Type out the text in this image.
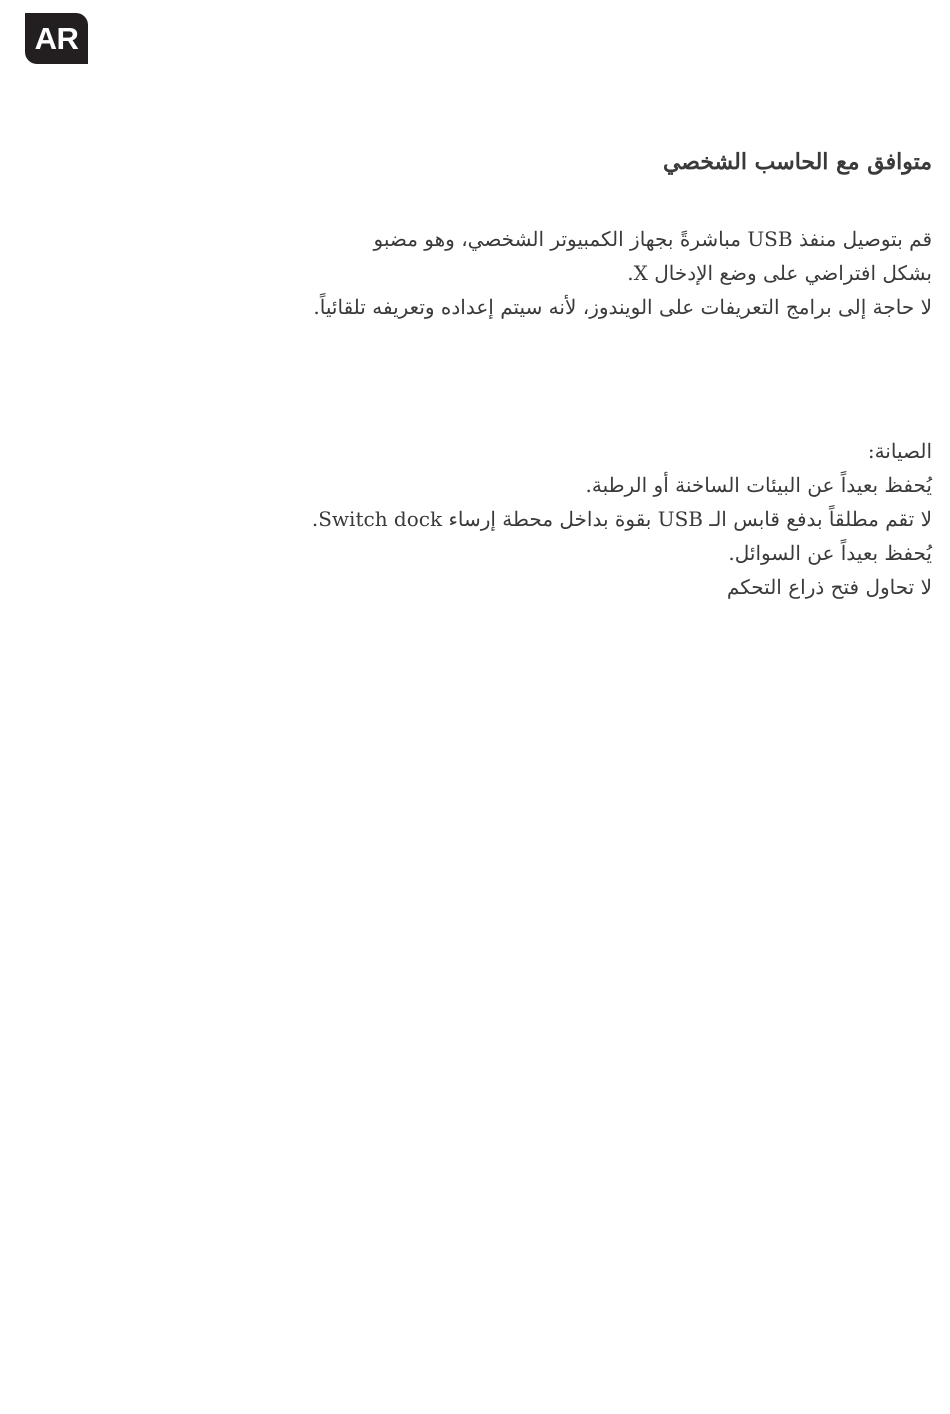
AR
متوافق مع الحاسب الشخصي

قم بتوصيل منفذ USB مباشرةً بجهاز الكمبيوتر الشخصي، وهو مضبو

بشكل افتراضي على وضع الإدخال X.

لا حاجة إلى برامج التعريفات على الويندوز، لأنه سيتم إعداده وتعريفه تلقائياً.

الصيانة:

يُحفظ بعيداً عن البيئات الساخنة أو الرطبة.

لا تقم مطلقاً بدفع قابس الـ USB بقوة بداخل محطة إرساء Switch dock.

يُحفظ بعيداً عن السوائل.

لا تحاول فتح ذراع التحكم
